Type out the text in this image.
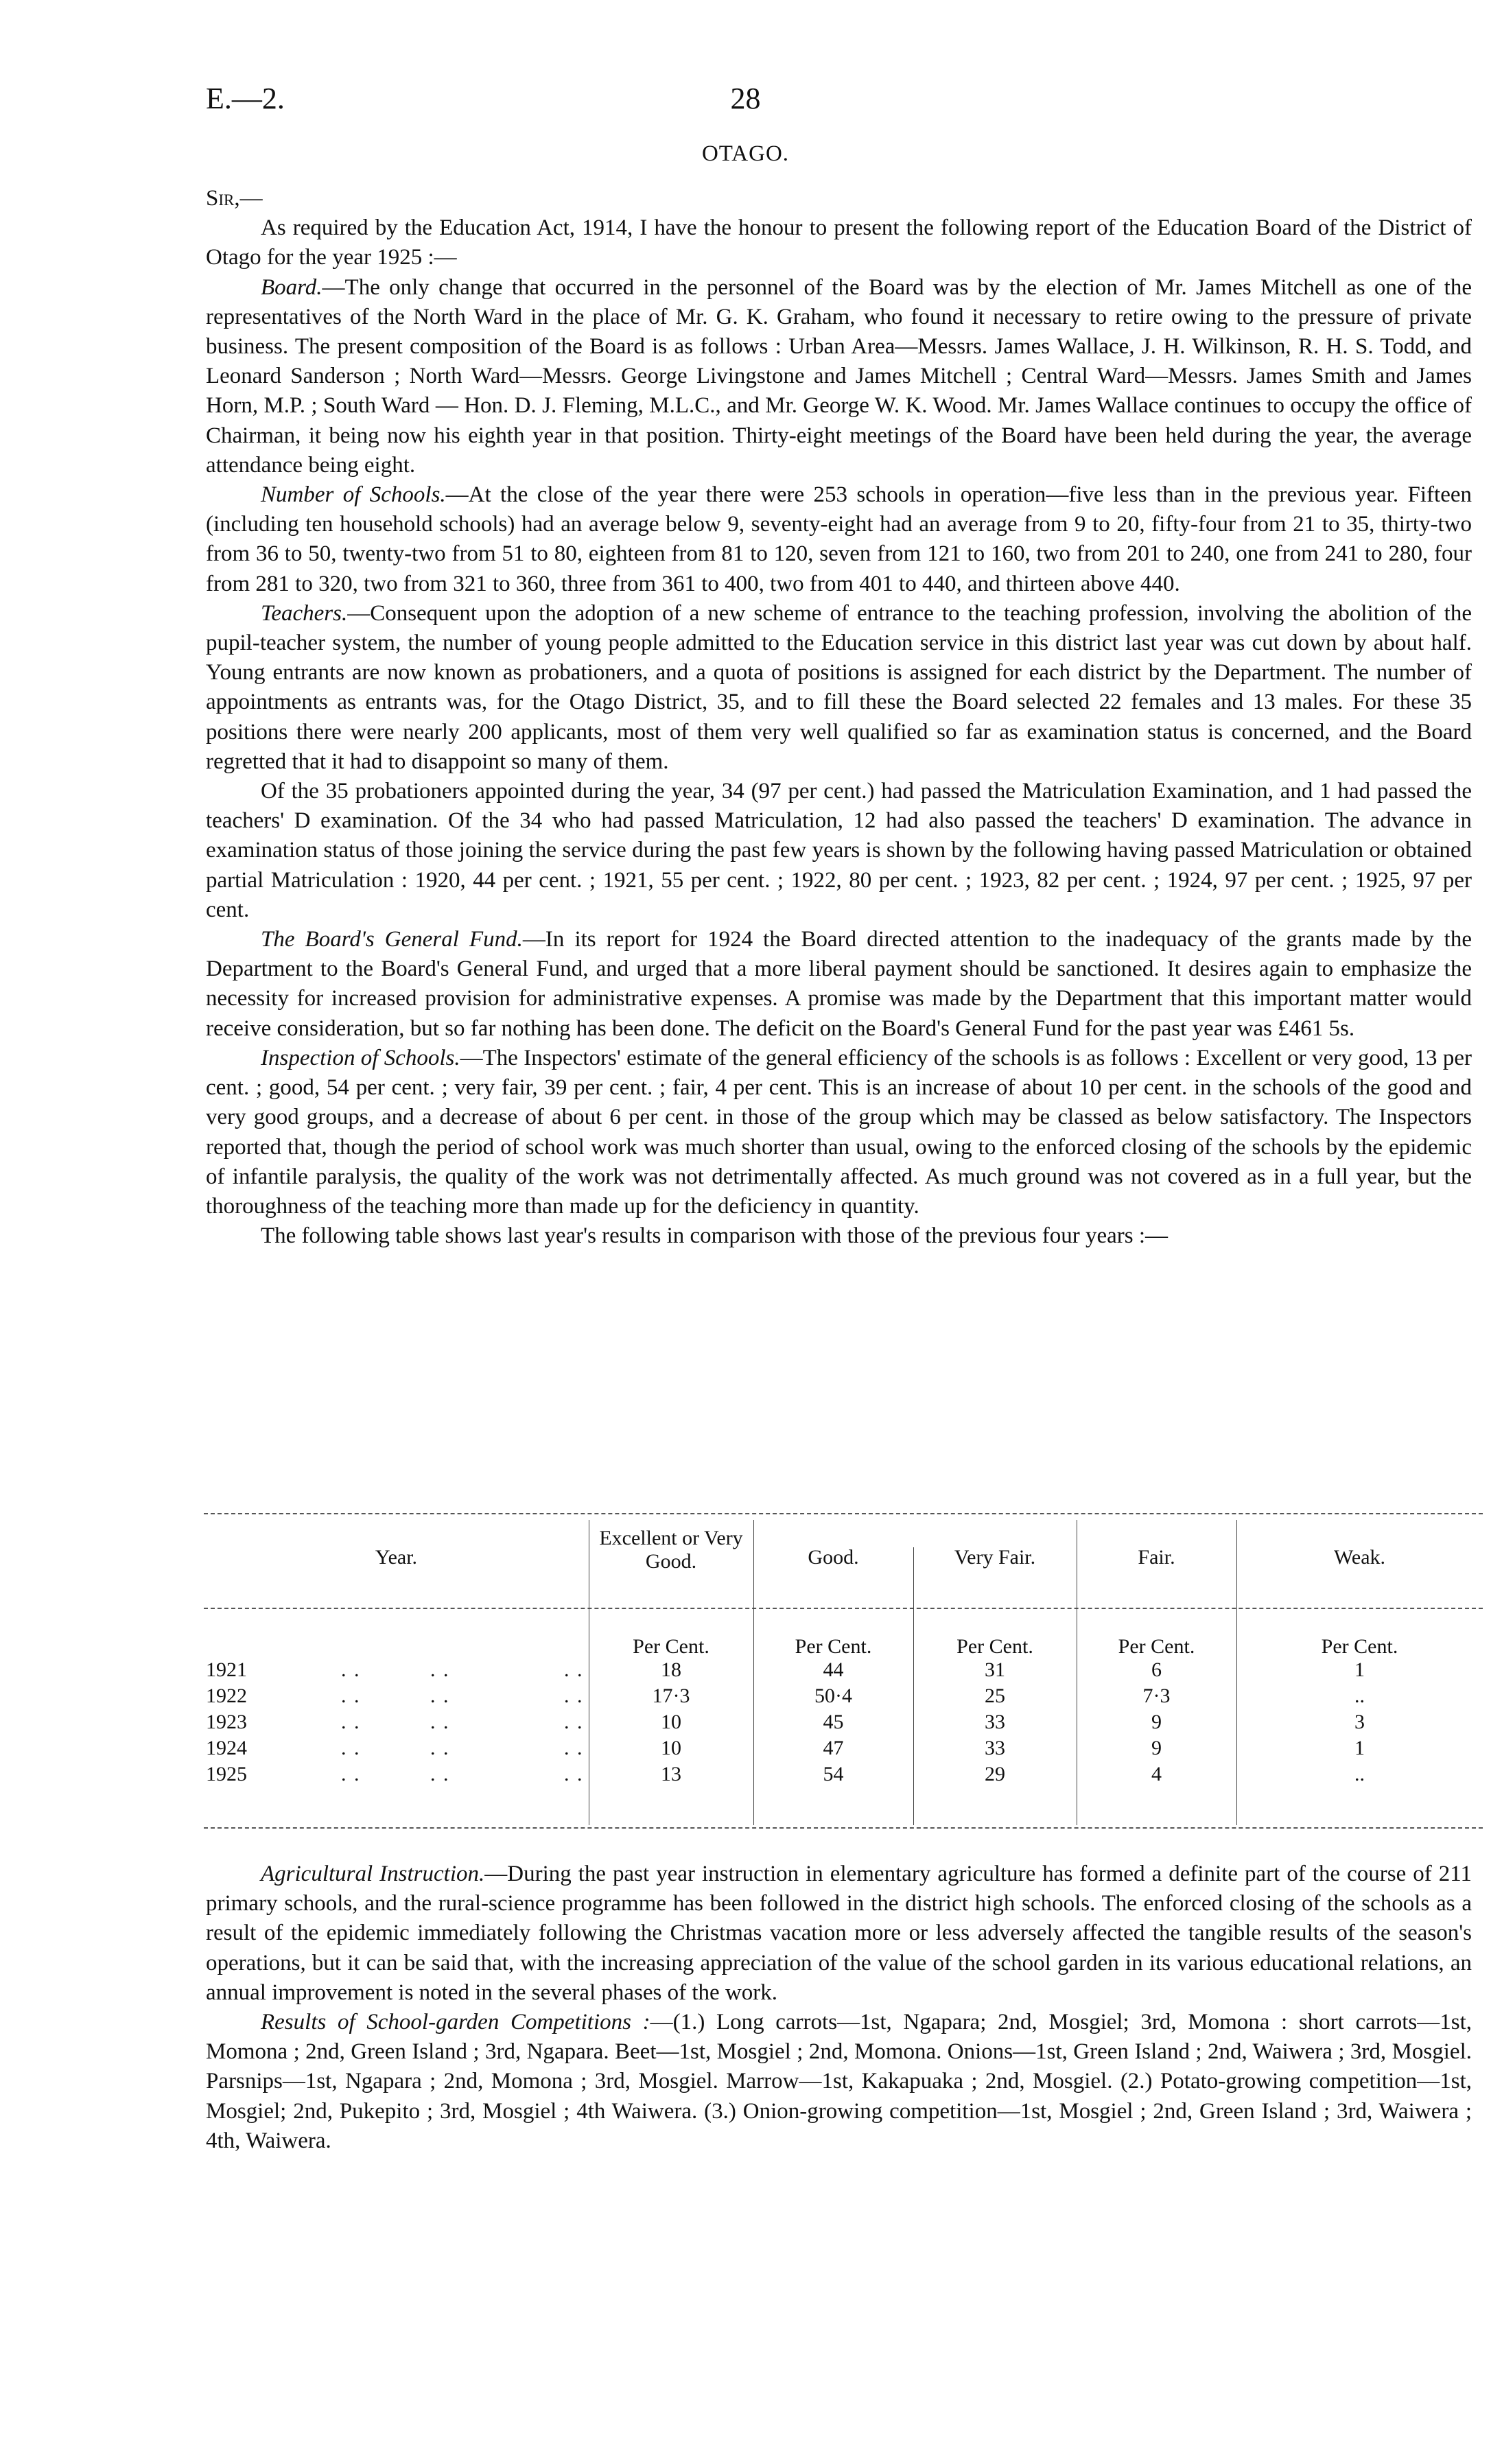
E.—2.	28
OTAGO.

Sir,—

As required by the Education Act, 1914, I have the honour to present the following report of the Education Board of the District of Otago for the year 1925 :—

Board.—The only change that occurred in the personnel of the Board was by the election of Mr. James Mitchell as one of the representatives of the North Ward in the place of Mr. G. K. Graham, who found it necessary to retire owing to the pressure of private business. The present composition of the Board is as follows : Urban Area—Messrs. James Wallace, J. H. Wilkinson, R. H. S. Todd, and Leonard Sanderson ; North Ward—Messrs. George Livingstone and James Mitchell ; Central Ward—Messrs. James Smith and James Horn, M.P. ; South Ward — Hon. D. J. Fleming, M.L.C., and Mr. George W. K. Wood. Mr. James Wallace continues to occupy the office of Chairman, it being now his eighth year in that position. Thirty-eight meetings of the Board have been held during the year, the average attendance being eight.

Number of Schools.—At the close of the year there were 253 schools in operation—five less than in the previous year. Fifteen (including ten household schools) had an average below 9, seventy-eight had an average from 9 to 20, fifty-four from 21 to 35, thirty-two from 36 to 50, twenty-two from 51 to 80, eighteen from 81 to 120, seven from 121 to 160, two from 201 to 240, one from 241 to 280, four from 281 to 320, two from 321 to 360, three from 361 to 400, two from 401 to 440, and thirteen above 440.

Teachers.—Consequent upon the adoption of a new scheme of entrance to the teaching profession, involving the abolition of the pupil-teacher system, the number of young people admitted to the Education service in this district last year was cut down by about half. Young entrants are now known as probationers, and a quota of positions is assigned for each district by the Department. The number of appointments as entrants was, for the Otago District, 35, and to fill these the Board selected 22 females and 13 males. For these 35 positions there were nearly 200 applicants, most of them very well qualified so far as examination status is concerned, and the Board regretted that it had to disappoint so many of them.

Of the 35 probationers appointed during the year, 34 (97 per cent.) had passed the Matriculation Examination, and 1 had passed the teachers' D examination. Of the 34 who had passed Matriculation, 12 had also passed the teachers' D examination. The advance in examination status of those joining the service during the past few years is shown by the following having passed Matriculation or obtained partial Matriculation : 1920, 44 per cent. ; 1921, 55 per cent. ; 1922, 80 per cent. ; 1923, 82 per cent. ; 1924, 97 per cent. ; 1925, 97 per cent.

The Board's General Fund.—In its report for 1924 the Board directed attention to the inadequacy of the grants made by the Department to the Board's General Fund, and urged that a more liberal payment should be sanctioned. It desires again to emphasize the necessity for increased provision for administrative expenses. A promise was made by the Department that this important matter would receive consideration, but so far nothing has been done. The deficit on the Board's General Fund for the past year was £461 5s.

Inspection of Schools.—The Inspectors' estimate of the general efficiency of the schools is as follows : Excellent or very good, 13 per cent. ; good, 54 per cent. ; very fair, 39 per cent. ; fair, 4 per cent. This is an increase of about 10 per cent. in the schools of the good and very good groups, and a decrease of about 6 per cent. in those of the group which may be classed as below satisfactory. The Inspectors reported that, though the period of school work was much shorter than usual, owing to the enforced closing of the schools by the epidemic of infantile paralysis, the quality of the work was not detrimentally affected. As much ground was not covered as in a full year, but the thoroughness of the teaching more than made up for the deficiency in quantity.

The following table shows last year's results in comparison with those of the previous four years :—

Year.
Excellent or Very Good.	Good.	Very Fair.	Fair.	Weak.
Per Cent.	Per Cent.	Per Cent.	Per Cent.	Per Cent.
1921	. .	. .	. .	18	44	31	6	1
1922	. .	. .	. .	17·3	50·4	25	7·3	..
1923	. .	. .	. .	10	45	33	9	3
1924	. .	. .	. .	10	47	33	9	1
1925	. .	. .	. .	13	54	29	4	..

Agricultural Instruction.—During the past year instruction in elementary agriculture has formed a definite part of the course of 211 primary schools, and the rural-science programme has been followed in the district high schools. The enforced closing of the schools as a result of the epidemic immediately following the Christmas vacation more or less adversely affected the tangible results of the season's operations, but it can be said that, with the increasing appreciation of the value of the school garden in its various educational relations, an annual improvement is noted in the several phases of the work.

Results of School-garden Competitions :—(1.) Long carrots—1st, Ngapara; 2nd, Mosgiel; 3rd, Momona : short carrots—1st, Momona ; 2nd, Green Island ; 3rd, Ngapara. Beet—1st, Mosgiel ; 2nd, Momona. Onions—1st, Green Island ; 2nd, Waiwera ; 3rd, Mosgiel. Parsnips—1st, Ngapara ; 2nd, Momona ; 3rd, Mosgiel. Marrow—1st, Kakapuaka ; 2nd, Mosgiel. (2.) Potato-growing competition—1st, Mosgiel; 2nd, Pukepito ; 3rd, Mosgiel ; 4th Waiwera. (3.) Onion-growing competition—1st, Mosgiel ; 2nd, Green Island ; 3rd, Waiwera ; 4th, Waiwera.
